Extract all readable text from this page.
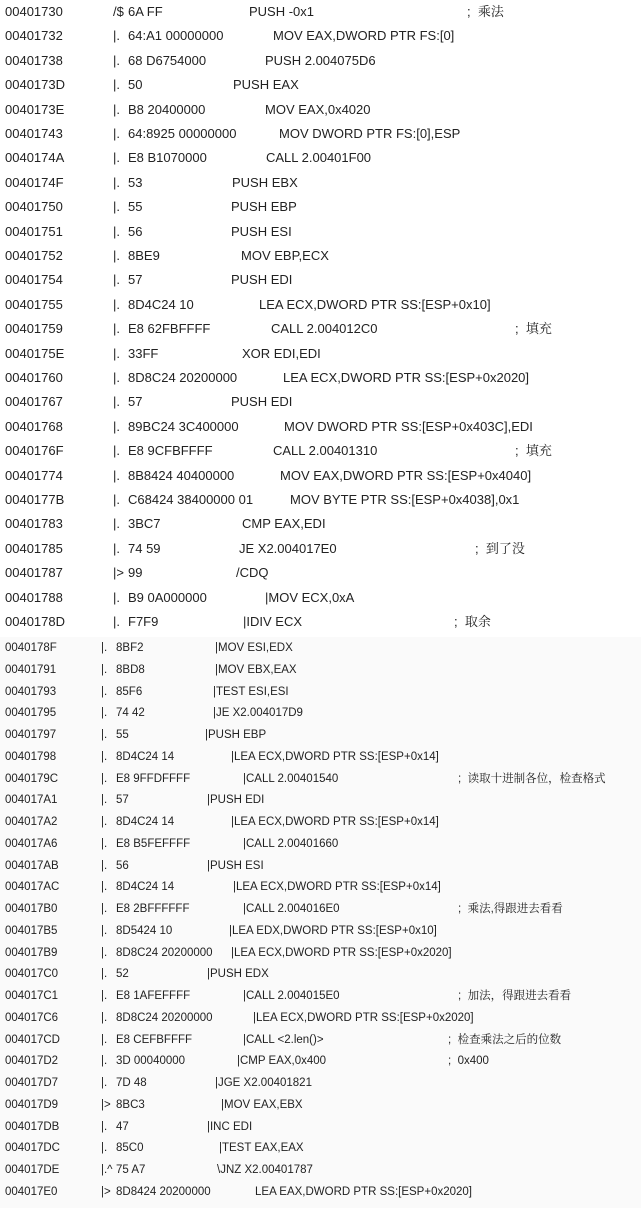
00401730	/$ 6A FF	PUSH -0x1	;  乘法
00401732	|. 64:A1 00000000	MOV EAX,DWORD PTR FS:[0]
00401738	|. 68 D6754000	PUSH 2.004075D6
0040173D	|. 50	PUSH EAX
0040173E	|. B8 20400000	MOV EAX,0x4020
00401743	|. 64:8925 00000000	MOV DWORD PTR FS:[0],ESP
0040174A	|. E8 B1070000	CALL 2.00401F00
0040174F	|. 53	PUSH EBX
00401750	|. 55	PUSH EBP
00401751	|. 56	PUSH ESI
00401752	|. 8BE9	MOV EBP,ECX
00401754	|. 57	PUSH EDI
00401755	|. 8D4C24 10	LEA ECX,DWORD PTR SS:[ESP+0x10]
00401759	|. E8 62FBFFFF	CALL 2.004012C0	;  填充
0040175E	|. 33FF	XOR EDI,EDI
00401760	|. 8D8C24 20200000	LEA ECX,DWORD PTR SS:[ESP+0x2020]
00401767	|. 57	PUSH EDI
00401768	|. 89BC24 3C400000	MOV DWORD PTR SS:[ESP+0x403C],EDI
0040176F	|. E8 9CFBFFFF	CALL 2.00401310	;  填充
00401774	|. 8B8424 40400000	MOV EAX,DWORD PTR SS:[ESP+0x4040]
0040177B	|. C68424 38400000 01	MOV BYTE PTR SS:[ESP+0x4038],0x1
00401783	|. 3BC7	CMP EAX,EDI
00401785	|. 74 59	JE X2.004017E0	;  到了没
00401787	|> 99	/CDQ
00401788	|. B9 0A000000	|MOV ECX,0xA
0040178D	|. F7F9	|IDIV ECX	;  取余
0040178F	|. 8BF2	|MOV ESI,EDX
00401791	|. 8BD8	|MOV EBX,EAX
00401793	|. 85F6	|TEST ESI,ESI
00401795	|. 74 42	|JE X2.004017D9
00401797	|. 55	|PUSH EBP
00401798	|. 8D4C24 14	|LEA ECX,DWORD PTR SS:[ESP+0x14]
0040179C	|. E8 9FFDFFFF	|CALL 2.00401540	;  读取十进制各位，检查格式
004017A1	|. 57	|PUSH EDI
004017A2	|. 8D4C24 14	|LEA ECX,DWORD PTR SS:[ESP+0x14]
004017A6	|. E8 B5FEFFFF	|CALL 2.00401660
004017AB	|. 56	|PUSH ESI
004017AC	|. 8D4C24 14	|LEA ECX,DWORD PTR SS:[ESP+0x14]
004017B0	|. E8 2BFFFFFF	|CALL 2.004016E0	;  乘法,得跟进去看看
004017B5	|. 8D5424 10	|LEA EDX,DWORD PTR SS:[ESP+0x10]
004017B9	|. 8D8C24 20200000 |LEA ECX,DWORD PTR SS:[ESP+0x2020]
004017C0	|. 52	|PUSH EDX
004017C1	|. E8 1AFEFFFF	|CALL 2.004015E0	;  加法，得跟进去看看
004017C6	|. 8D8C24 20200000	|LEA ECX,DWORD PTR SS:[ESP+0x2020]
004017CD	|. E8 CEFBFFFF	|CALL <2.len()>	;  检查乘法之后的位数
004017D2	|. 3D 00040000	|CMP EAX,0x400	;  0x400
004017D7	|. 7D 48	|JGE X2.00401821
004017D9	|> 8BC3	|MOV EAX,EBX
004017DB	|. 47	|INC EDI
004017DC	|. 85C0	|TEST EAX,EAX
004017DE	|.^ 75 A7	\JNZ X2.00401787
004017E0	|> 8D8424 20200000	LEA EAX,DWORD PTR SS:[ESP+0x2020]
